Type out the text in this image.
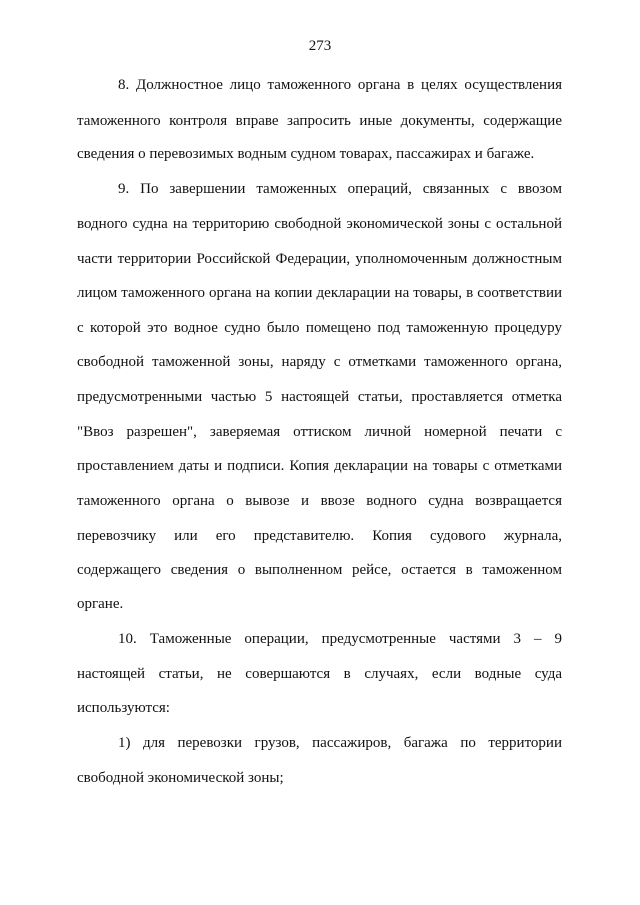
273
8. Должностное лицо таможенного органа в целях осуществления
таможенного контроля вправе запросить иные документы, содержащие
сведения о перевозимых водным судном товарах, пассажирах и багаже.
9. По завершении таможенных операций, связанных с ввозом
водного судна на территорию свободной экономической зоны с остальной
части территории Российской Федерации, уполномоченным должностным
лицом таможенного органа на копии декларации на товары, в соответствии
с которой это водное судно было помещено под таможенную процедуру
свободной таможенной зоны, наряду с отметками таможенного органа,
предусмотренными частью 5 настоящей статьи, проставляется отметка
"Ввоз разрешен", заверяемая оттиском личной номерной печати с
проставлением даты и подписи. Копия декларации на товары с отметками
таможенного органа о вывозе и ввозе водного судна возвращается
перевозчику или его представителю. Копия судового журнала,
содержащего сведения о выполненном рейсе, остается в таможенном
органе.
10. Таможенные операции, предусмотренные частями 3 – 9
настоящей статьи, не совершаются в случаях, если водные суда
используются:
1) для перевозки грузов, пассажиров, багажа по территории
свободной экономической зоны;
